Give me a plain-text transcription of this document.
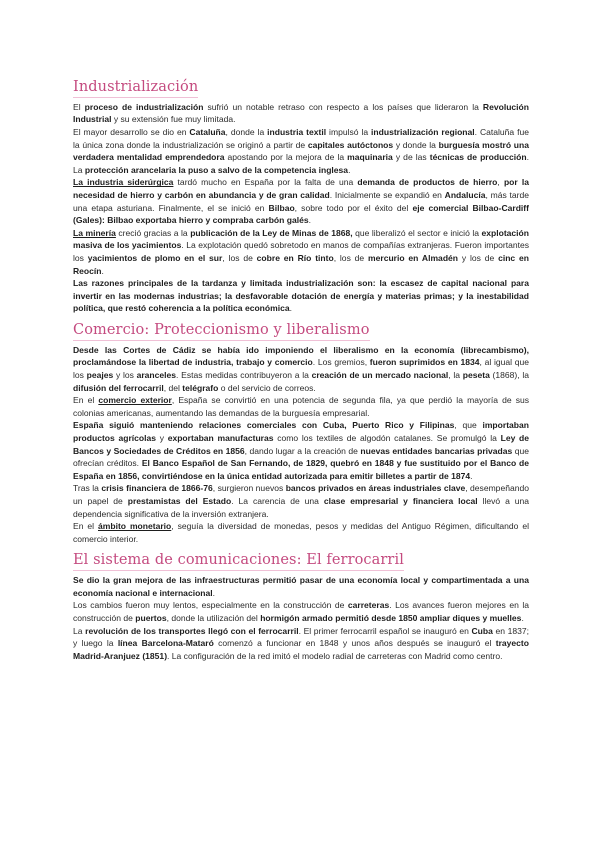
Industrialización

El proceso de industrialización sufrió un notable retraso con respecto a los países que lideraron la Revolución Industrial y su extensión fue muy limitada.

El mayor desarrollo se dio en Cataluña, donde la industria textil impulsó la industrialización regional. Cataluña fue la única zona donde la industrialización se originó a partir de capitales autóctonos y donde la burguesía mostró una verdadera mentalidad emprendedora apostando por la mejora de la maquinaria y de las técnicas de producción. La protección arancelaria la puso a salvo de la competencia inglesa.

La industria siderúrgica tardó mucho en España por la falta de una demanda de productos de hierro, por la necesidad de hierro y carbón en abundancia y de gran calidad. Inicialmente se expandió en Andalucía, más tarde una etapa asturiana. Finalmente, el se inició en Bilbao, sobre todo por el éxito del eje comercial Bilbao-Cardiff (Gales): Bilbao exportaba hierro y compraba carbón galés.

La minería creció gracias a la publicación de la Ley de Minas de 1868, que liberalizó el sector e inició la explotación masiva de los yacimientos. La explotación quedó sobretodo en manos de compañías extranjeras. Fueron importantes los yacimientos de plomo en el sur, los de cobre en Río tinto, los de mercurio en Almadén y los de cinc en Reocín.

Las razones principales de la tardanza y limitada industrialización son: la escasez de capital nacional para invertir en las modernas industrias; la desfavorable dotación de energía y materias primas; y la inestabilidad política, que restó coherencia a la política económica.

Comercio: Proteccionismo y liberalismo

Desde las Cortes de Cádiz se había ido imponiendo el liberalismo en la economía (librecambismo), proclamándose la libertad de industria, trabajo y comercio. Los gremios, fueron suprimidos en 1834, al igual que los peajes y los aranceles. Estas medidas contribuyeron a la creación de un mercado nacional, la peseta (1868), la difusión del ferrocarril, del telégrafo o del servicio de correos.

En el comercio exterior, España se convirtió en una potencia de segunda fila, ya que perdió la mayoría de sus colonias americanas, aumentando las demandas de la burguesía empresarial.

España siguió manteniendo relaciones comerciales con Cuba, Puerto Rico y Filipinas, que importaban productos agrícolas y exportaban manufacturas como los textiles de algodón catalanes. Se promulgó la Ley de Bancos y Sociedades de Créditos en 1856, dando lugar a la creación de nuevas entidades bancarias privadas que ofrecían créditos. El Banco Español de San Fernando, de 1829, quebró en 1848 y fue sustituido por el Banco de España en 1856, convirtiéndose en la única entidad autorizada para emitir billetes a partir de 1874.

Tras la crisis financiera de 1866-76, surgieron nuevos bancos privados en áreas industriales clave, desempeñando un papel de prestamistas del Estado. La carencia de una clase empresarial y financiera local llevó a una dependencia significativa de la inversión extranjera.

En el ámbito monetario, seguía la diversidad de monedas, pesos y medidas del Antiguo Régimen, dificultando el comercio interior.

El sistema de comunicaciones: El ferrocarril

Se dio la gran mejora de las infraestructuras permitió pasar de una economía local y compartimentada a una economía nacional e internacional.

Los cambios fueron muy lentos, especialmente en la construcción de carreteras. Los avances fueron mejores en la construcción de puertos, donde la utilización del hormigón armado permitió desde 1850 ampliar diques y muelles.

La revolución de los transportes llegó con el ferrocarril. El primer ferrocarril español se inauguró en Cuba en 1837; y luego la línea Barcelona-Mataró comenzó a funcionar en 1848 y unos años después se inauguró el trayecto Madrid-Aranjuez (1851). La configuración de la red imitó el modelo radial de carreteras con Madrid como centro.
